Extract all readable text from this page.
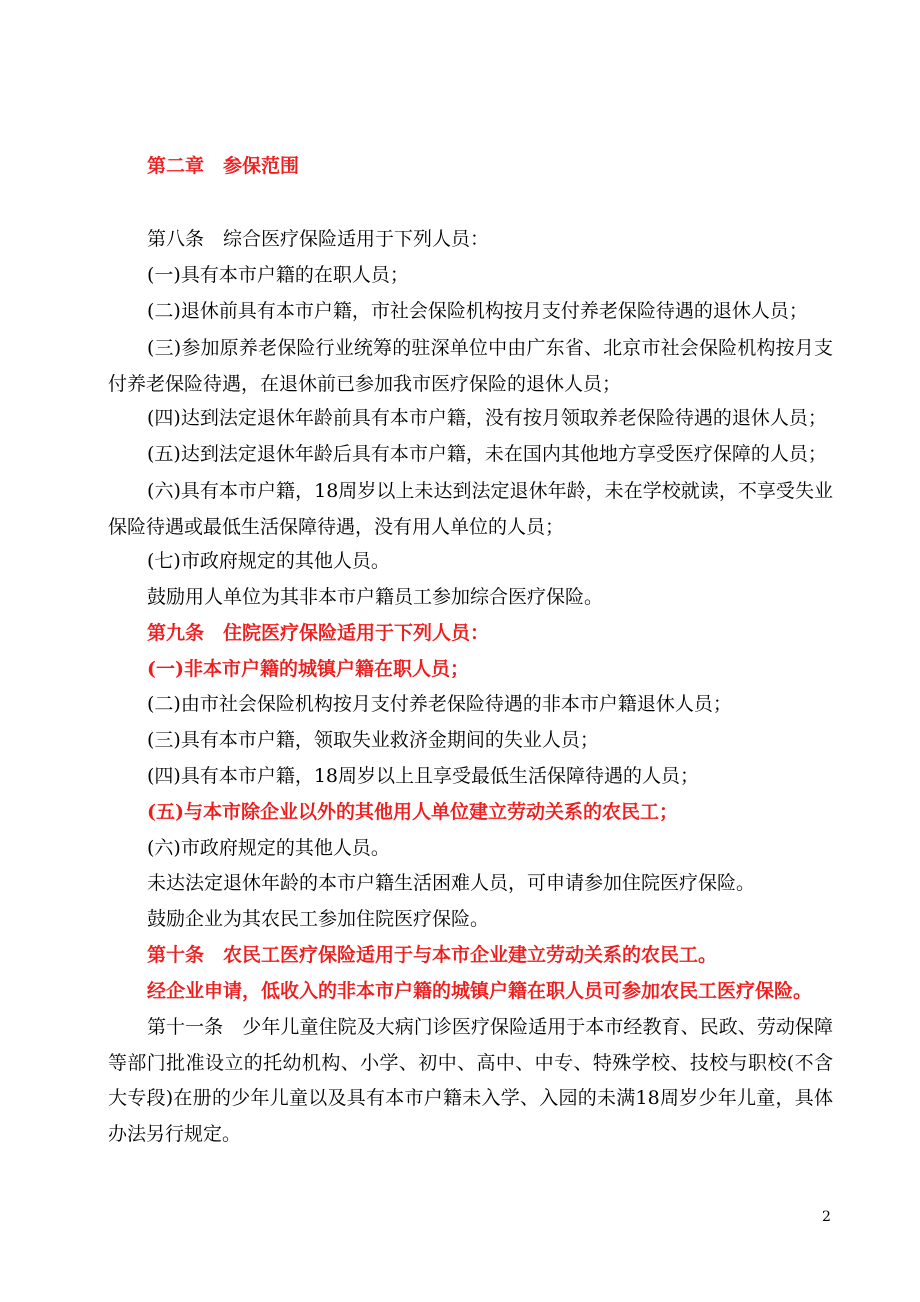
第二章　参保范围
第八条　综合医疗保险适用于下列人员：
(一)具有本市户籍的在职人员；
(二)退休前具有本市户籍，市社会保险机构按月支付养老保险待遇的退休人员；
(三)参加原养老保险行业统筹的驻深单位中由广东省、北京市社会保险机构按月支付养老保险待遇，在退休前已参加我市医疗保险的退休人员；
(四)达到法定退休年龄前具有本市户籍，没有按月领取养老保险待遇的退休人员；
(五)达到法定退休年龄后具有本市户籍，未在国内其他地方享受医疗保障的人员；
(六)具有本市户籍，18周岁以上未达到法定退休年龄，未在学校就读，不享受失业保险待遇或最低生活保障待遇，没有用人单位的人员；
(七)市政府规定的其他人员。
鼓励用人单位为其非本市户籍员工参加综合医疗保险。
第九条　住院医疗保险适用于下列人员：
(一)非本市户籍的城镇户籍在职人员；
(二)由市社会保险机构按月支付养老保险待遇的非本市户籍退休人员；
(三)具有本市户籍，领取失业救济金期间的失业人员；
(四)具有本市户籍，18周岁以上且享受最低生活保障待遇的人员；
(五)与本市除企业以外的其他用人单位建立劳动关系的农民工；
(六)市政府规定的其他人员。
未达法定退休年龄的本市户籍生活困难人员，可申请参加住院医疗保险。
鼓励企业为其农民工参加住院医疗保险。
第十条　农民工医疗保险适用于与本市企业建立劳动关系的农民工。
经企业申请，低收入的非本市户籍的城镇户籍在职人员可参加农民工医疗保险。
第十一条　少年儿童住院及大病门诊医疗保险适用于本市经教育、民政、劳动保障等部门批准设立的托幼机构、小学、初中、高中、中专、特殊学校、技校与职校(不含大专段)在册的少年儿童以及具有本市户籍未入学、入园的未满18周岁少年儿童，具体办法另行规定。
2
